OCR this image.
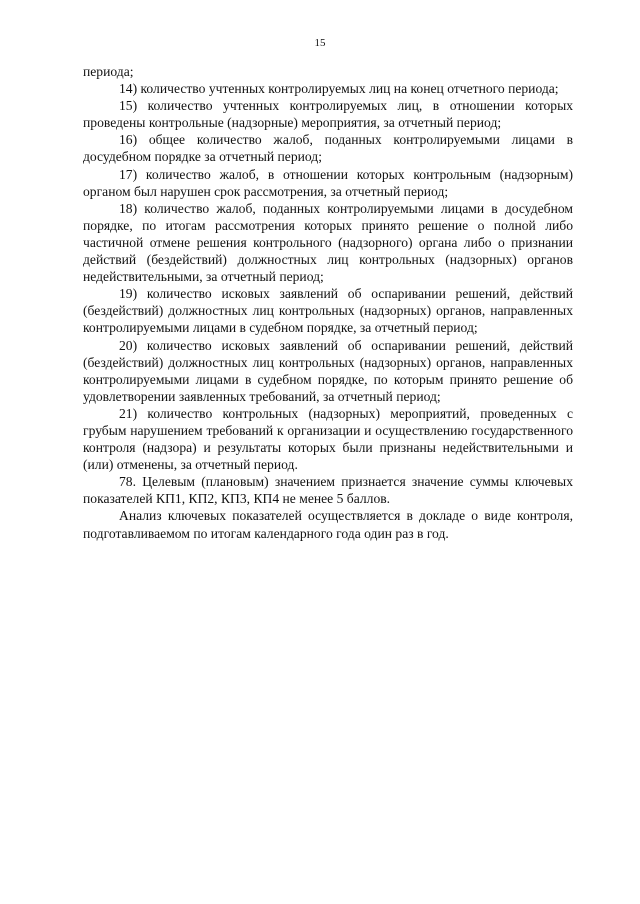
15

периода;

14) количество учтенных контролируемых лиц на конец отчетного периода;

15) количество учтенных контролируемых лиц, в отношении которых проведены контрольные (надзорные) мероприятия, за отчетный период;

16) общее количество жалоб, поданных контролируемыми лицами в досудебном порядке за отчетный период;

17) количество жалоб, в отношении которых контрольным (надзорным) органом был нарушен срок рассмотрения, за отчетный период;

18) количество жалоб, поданных контролируемыми лицами в досудебном порядке, по итогам рассмотрения которых принято решение о полной либо частичной отмене решения контрольного (надзорного) органа либо о признании действий (бездействий) должностных лиц контрольных (надзорных) органов недействительными, за отчетный период;

19) количество исковых заявлений об оспаривании решений, действий (бездействий) должностных лиц контрольных (надзорных) органов, направленных контролируемыми лицами в судебном порядке, за отчетный период;

20) количество исковых заявлений об оспаривании решений, действий (бездействий) должностных лиц контрольных (надзорных) органов, направленных контролируемыми лицами в судебном порядке, по которым принято решение об удовлетворении заявленных требований, за отчетный период;

21) количество контрольных (надзорных) мероприятий, проведенных с грубым нарушением требований к организации и осуществлению государственного контроля (надзора) и результаты которых были признаны недействительными и (или) отменены, за отчетный период.

78. Целевым (плановым) значением признается значение суммы ключевых показателей КП1, КП2, КП3, КП4 не менее 5 баллов.

Анализ ключевых показателей осуществляется в докладе о виде контроля, подготавливаемом по итогам календарного года один раз в год.
